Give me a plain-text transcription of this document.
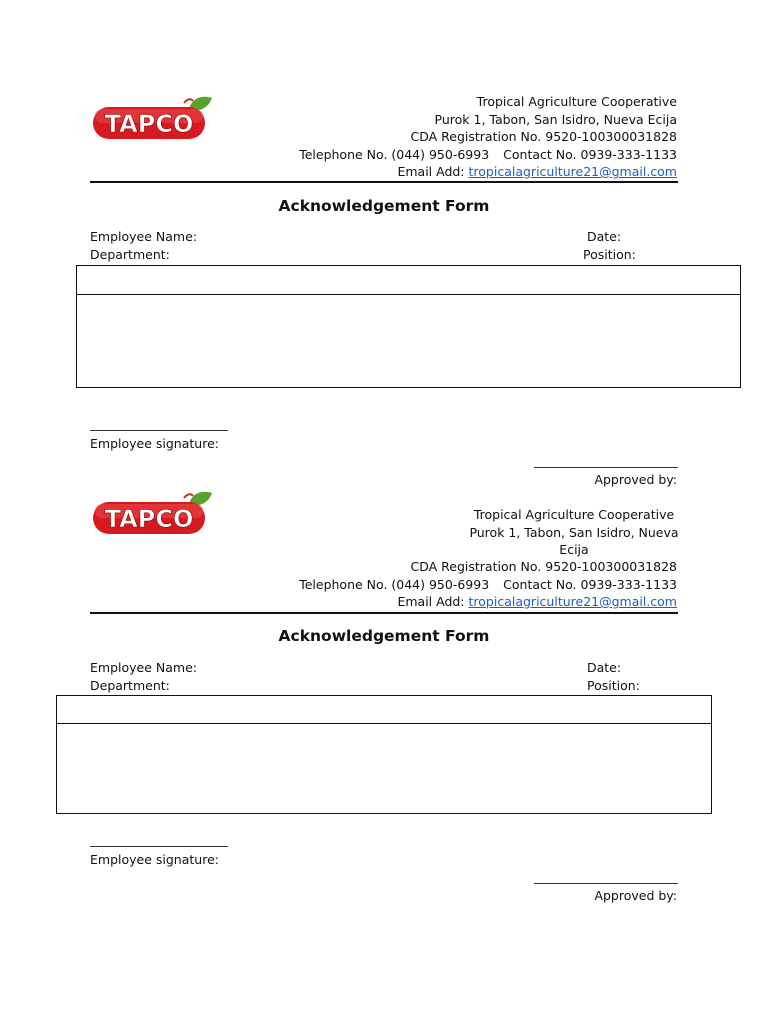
TAPCO
Tropical Agriculture Cooperative
Purok 1, Tabon, San Isidro, Nueva Ecija
CDA Registration No. 9520-100300031828
Telephone No. (044) 950-6993 Contact No. 0939-333-1133
Email Add: tropicalagriculture21@gmail.com
Acknowledgement Form
Employee Name:	Date:
Department:	Position:
Employee signature:
Approved by:
TAPCO	Tropical Agriculture Cooperative
Purok 1, Tabon, San Isidro, Nueva
Ecija
CDA Registration No. 9520-100300031828
Telephone No. (044) 950-6993 Contact No. 0939-333-1133
Email Add: tropicalagriculture21@gmail.com
Acknowledgement Form
Employee Name:	Date:
Department:	Position:
Employee signature:
Approved by:
